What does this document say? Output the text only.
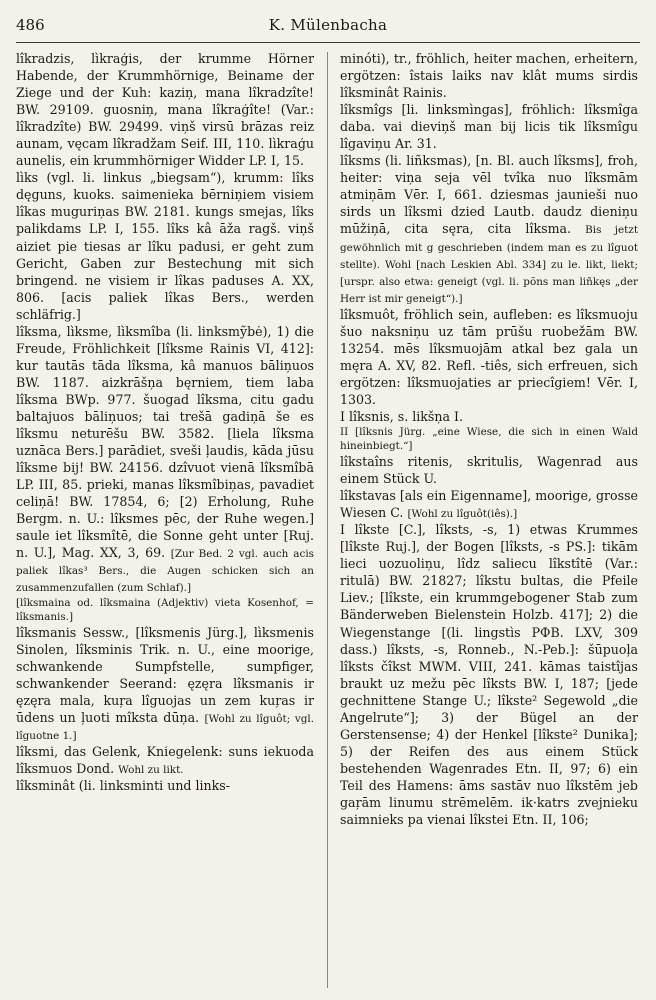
486	K. Mülenbacha
lîkradzis, lìkraģis, der krumme Hörner Habende, der Krummhörnige, Beiname der Ziege und der Kuh: kaziņ, mana lîkradzîte! BW. 29109. guosniņ, mana lîkraģîte! (Var.: lîkradzîte) BW. 29499. viņš virsū brāzas reiz aunam, vęcam lîkradžam Seif. III, 110. lìkraģu aunelis, ein krummhörniger Widder LP. I, 15.
lìks (vgl. li. linkus „biegsam“), krumm: lîks dęguns, kuoks. saimenieka bērniņiem visiem lîkas muguriņas BW. 2181. kungs smejas, lîks palikdams LP. I, 155. lîks kâ āža ragš. viņš aiziet pie tiesas ar lîku padusi, er geht zum Gericht, Gaben zur Bestechung mit sich bringend. ne visiem ir lîkas paduses A. XX, 806. [acis paliek lîkas Bers., werden schläfrig.]
lîksma, lìksme, lìksmîba (li. linksmỹbė), 1) die Freude, Fröhlichkeit [lîksme Rainis VI, 412]: kur tautās tāda lîksma, kâ manuos bāliņuos BW. 1187. aizkrāšņa bęrniem, tiem laba lîksma BWp. 977. šuogad lîksma, citu gadu baltajuos bāliņuos; tai trešā gadiņā še es lîksmu neturēšu BW. 3582. [liela lîksma uznāca Bers.] parādiet, sveši ļaudis, kāda jūsu lîksme bij! BW. 24156. dzîvuot vienā lîksmîbā LP. III, 85. prieki, manas lîksmîbiņas, pavadiet celiņā! BW. 17854, 6; [2) Erholung, Ruhe Bergm. n. U.: lîksmes pēc, der Ruhe wegen.] saule iet lîksmîtē, die Sonne geht unter [Ruj. n. U.], Mag. XX, 3, 69. [Zur Bed. 2 vgl. auch acis paliek lîkas³ Bers., die Augen schicken sich an zusammenzufallen (zum Schlaf).]
[lîksmaina od. lîksmaina (Adjektiv) vieta Kosenhof, = lîksmanis.]
lîksmanis Sessw., [lîksmenis Jürg.], lìksmenis Sinolen, lîksminis Trik. n. U., eine moorige, schwankende Sumpfstelle, sumpfiger, schwankender Seerand: ęzęra lîksmanis ir ęzęra mala, kuŗa lîguojas un zem kuŗas ir ūdens un ļuoti mîksta dūņa. [Wohl zu lîguôt; vgl. lîguotne 1.]
lîksmi, das Gelenk, Kniegelenk: suns iekuoda lîksmuos Dond. Wohl zu likt.
lîksminât (li. linksminti und links-
minóti), tr., fröhlich, heiter machen, erheitern, ergötzen: îstais laiks nav klât mums sirdis lîksminât Rainis.
lîksmîgs [li. linksmìngas], fröhlich: lîksmîga daba. vai dieviņš man bij licis tik lîksmîgu lîgaviņu Ar. 31.
lîksms (li. liñksmas), [n. Bl. auch lîksms], froh, heiter: viņa seja vēl tvîka nuo lîksmām atmiņām Vēr. I, 661. dziesmas jaunieši nuo sirds un lîksmi dzied Lautb. daudz dieniņu mūžiņā, cita sęra, cita lîksma. Bis jetzt gewöhnlich mit g geschrieben (indem man es zu lîguot stellte). Wohl [nach Leskien Abl. 334] zu le. likt, liekt; [urspr. also etwa: geneigt (vgl. li. põns man liñkęs „der Herr ist mir geneigt“).]
lîksmuôt, fröhlich sein, aufleben: es lîksmuoju šuo naksniņu uz tām prūšu ruobežām BW. 13254. mēs lîksmuojām atkal bez gala un męra A. XV, 82. Refl. -tiês, sich erfreuen, sich ergötzen: lîksmuojaties ar priecîgiem! Vēr. I, 1303.
I lîksnis, s. likšņa I.
II [lîksnis Jürg. „eine Wiese, die sich in einen Wald hineinbiegt.“]
lîkstaîns ritenis, skritulis, Wagenrad aus einem Stück U.
lîkstavas [als ein Eigenname], moorige, grosse Wiesen C. [Wohl zu lîguôt(iês).]
I lîkste [C.], lîksts, -s, 1) etwas Krummes [lîkste Ruj.], der Bogen [lîksts, -s PS.]: tikām lieci uozuoliņu, lîdz saliecu lîkstîtē (Var.: ritulā) BW. 21827; lîkstu bultas, die Pfeile Liev.; [lîkste, ein krummgebogener Stab zum Bänderweben Bielenstein Holzb. 417]; 2) die Wiegenstange [(li. lingstìs PФВ. LXV, 309 dass.) lîksts, -s, Ronneb., N.-Peb.]: šūpuoļa lîksts čîkst MWM. VIII, 241. kāmas taistîjas braukt uz mežu pēc lîksts BW. I, 187; [jede gechnittene Stange U.; lîkste² Segewold „die Angelrute“]; 3) der Bügel an der Gerstensense; 4) der Henkel [lîkste² Dunika]; 5) der Reifen des aus einem Stück bestehenden Wagenrades Etn. II, 97; 6) ein Teil des Hamens: āms sastāv nuo lîkstēm jeb gaŗām linumu strēmelēm. ik·katrs zvejnieku saimnieks pa vienai lîkstei Etn. II, 106;
